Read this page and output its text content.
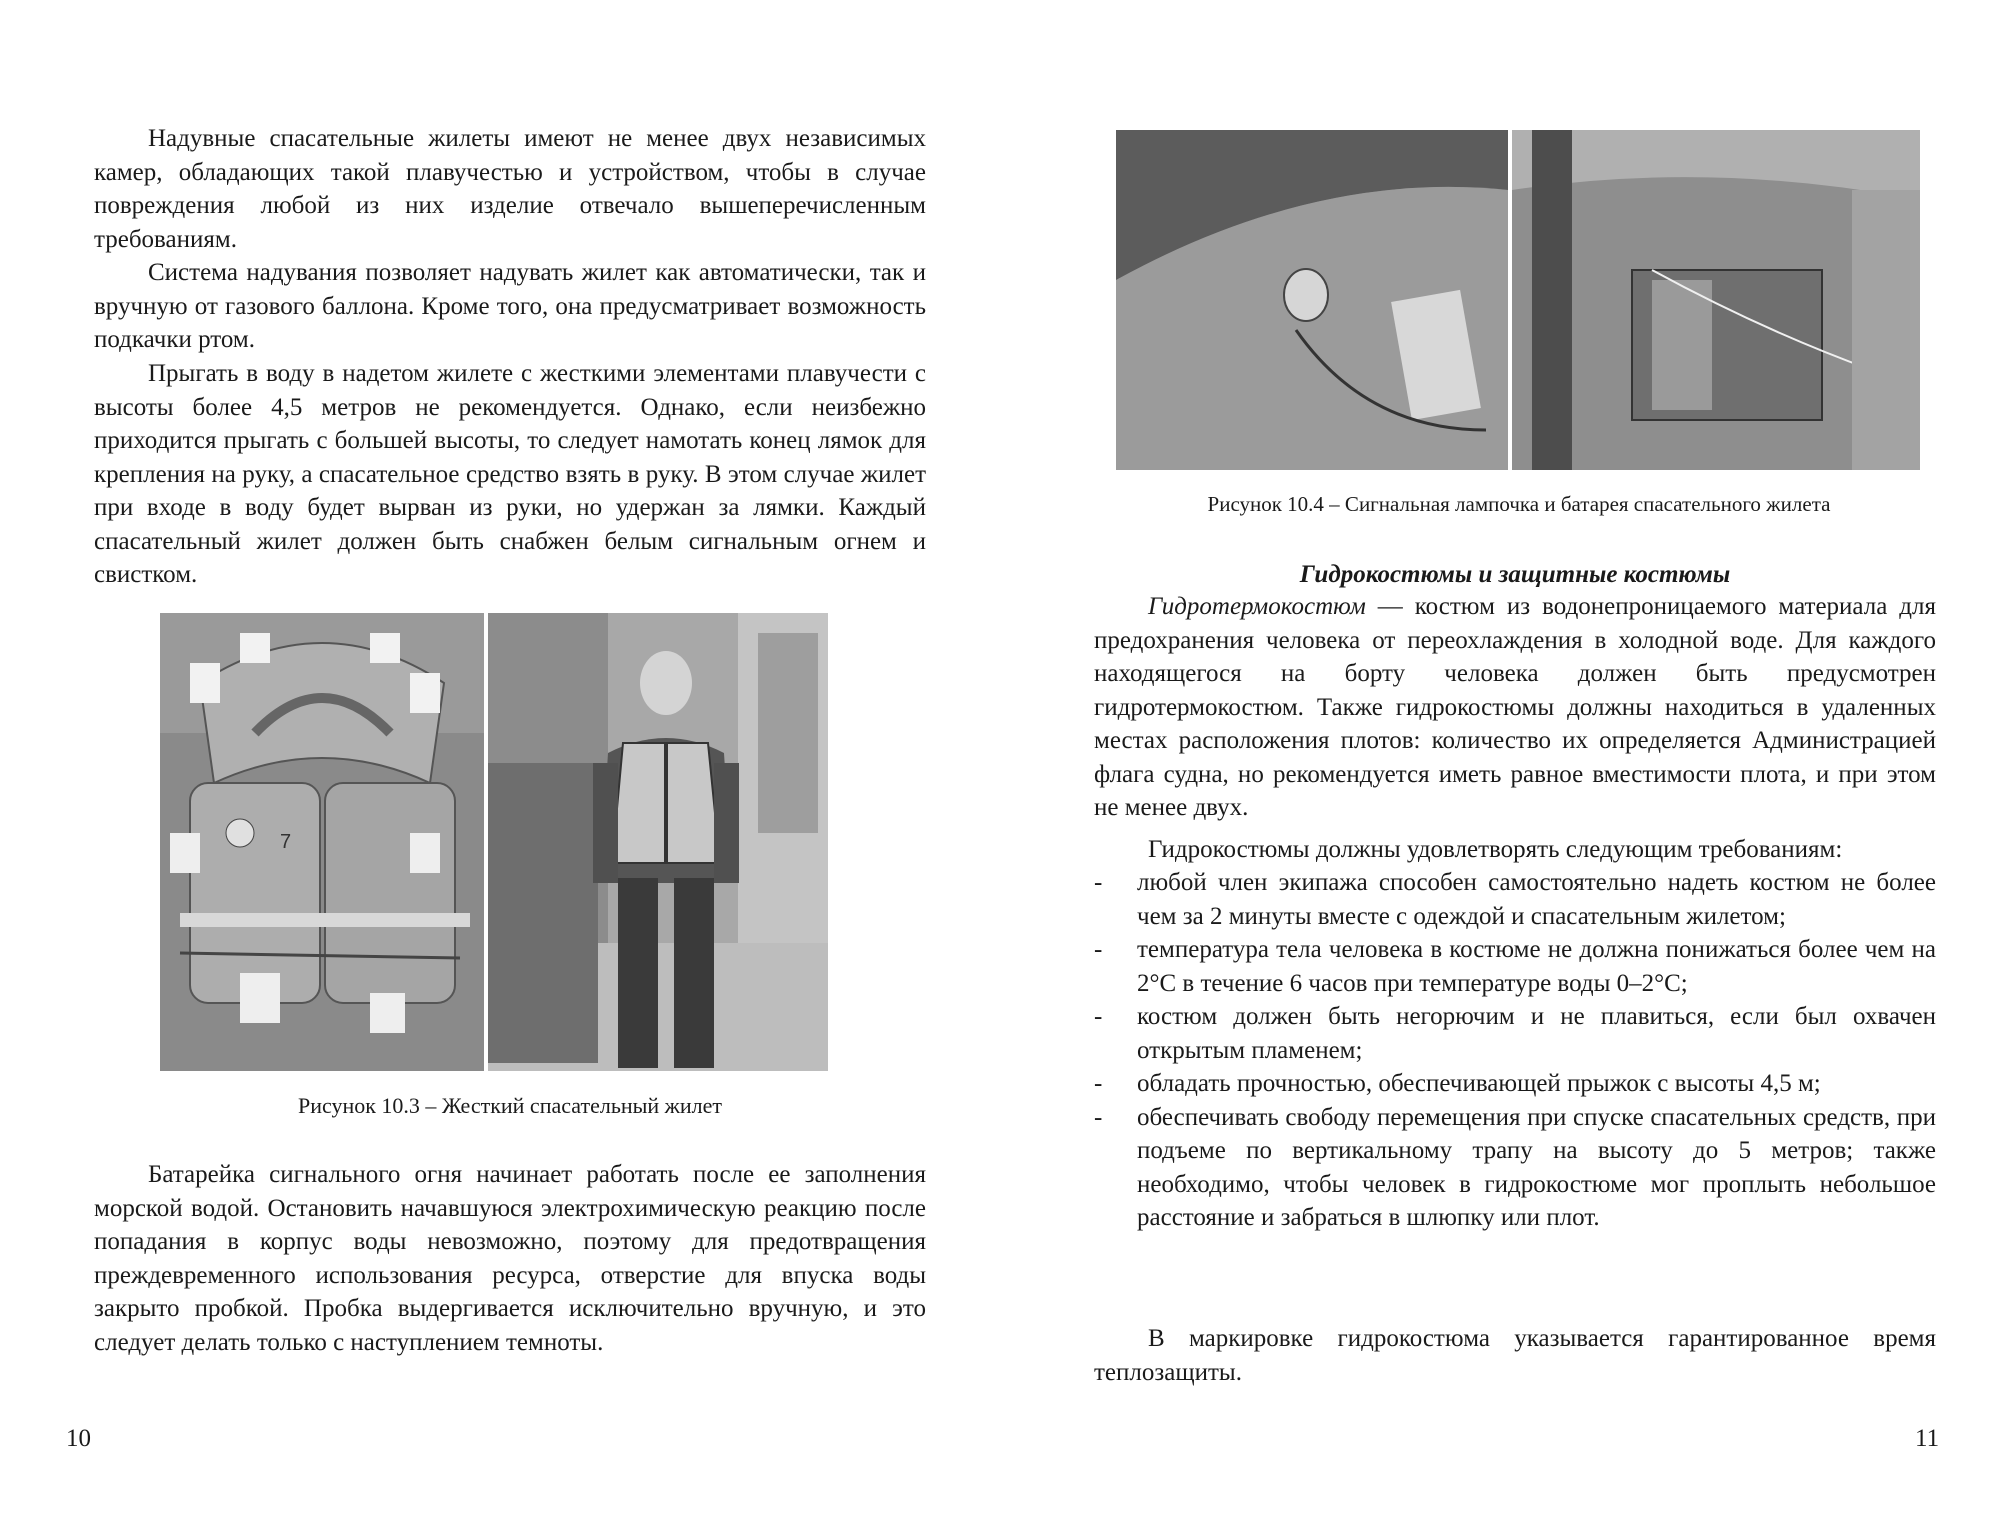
Надувные спасательные жилеты имеют не менее двух независимых камер, обладающих такой плавучестью и устройством, чтобы в случае повреждения любой из них изделие отвечало вышеперечисленным требованиям.

Система надувания позволяет надувать жилет как автоматически, так и вручную от газового баллона. Кроме того, она предусматривает возможность подкачки ртом.

Прыгать в воду в надетом жилете с жесткими элементами плавучести с высоты более 4,5 метров не рекомендуется. Однако, если неизбежно приходится прыгать с большей высоты, то следует намотать конец лямок для крепления на руку, а спасательное средство взять в руку. В этом случае жилет при входе в воду будет вырван из руки, но удержан за лямки. Каждый спасательный жилет должен быть снабжен белым сигнальным огнем и свистком.

7

Рисунок 10.3 – Жесткий спасательный жилет

Батарейка сигнального огня начинает работать после ее заполнения морской водой. Остановить начавшуюся электрохимическую реакцию после попадания в корпус воды невозможно, поэтому для предотвращения преждевременного использования ресурса, отверстие для впуска воды закрыто пробкой. Пробка выдергивается исключительно вручную, и это следует делать только с наступлением темноты.

10

Рисунок 10.4 – Сигнальная лампочка и батарея спасательного жилета

Гидрокостюмы и защитные костюмы

Гидротермокостюм — костюм из водонепроницаемого материала для предохранения человека от переохлаждения в холодной воде. Для каждого находящегося на борту человека должен быть предусмотрен гидротермокостюм. Также гидрокостюмы должны находиться в удаленных местах расположения плотов: количество их определяется Администрацией флага судна, но рекомендуется иметь равное вместимости плота, и при этом не менее двух.

Гидрокостюмы должны удовлетворять следующим требованиям:

- любой член экипажа способен самостоятельно надеть костюм не более чем за 2 минуты вместе с одеждой и спасательным жилетом;
- температура тела человека в костюме не должна понижаться более чем на 2°С в течение 6 часов при температуре воды 0–2°С;
- костюм должен быть негорючим и не плавиться, если был охвачен открытым пламенем;
- обладать прочностью, обеспечивающей прыжок с высоты 4,5 м;
- обеспечивать свободу перемещения при спуске спасательных средств, при подъеме по вертикальному трапу на высоту до 5 метров; также необходимо, чтобы человек в гидрокостюме мог проплыть небольшое расстояние и забраться в шлюпку или плот.

В маркировке гидрокостюма указывается гарантированное время теплозащиты.

11
